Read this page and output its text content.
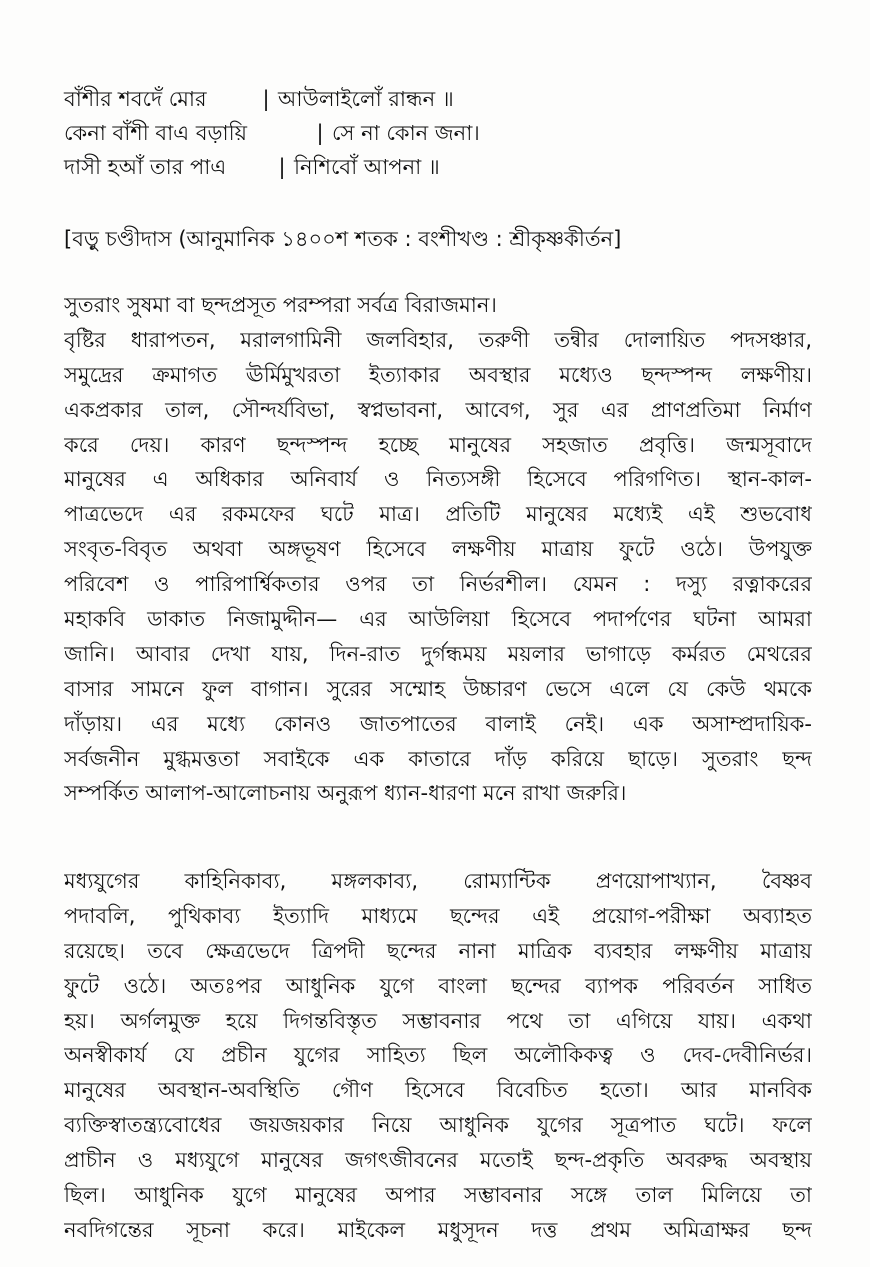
বাঁশীর শবদেঁ মোর	| আউলাইলোঁ রান্ধন ॥
কেনা বাঁশী বাএ বড়ায়ি	| সে না কোন জনা।
দাসী হআঁ তার পাএ	| নিশিবোঁ আপনা ॥
[বড়ু চণ্ডীদাস (আনুমানিক ১৪০০শ শতক : বংশীখণ্ড : শ্রীকৃষ্ণকীর্তন]
সুতরাং সুষমা বা ছন্দপ্রসূত পরম্পরা সর্বত্র বিরাজমান।
বৃষ্টির ধারাপতন, মরালগামিনী জলবিহার, তরুণী তন্বীর দোলায়িত পদসঞ্চার,
সমুদ্রের ক্রমাগত ঊর্মিমুখরতা ইত্যাকার অবস্থার মধ্যেও ছন্দস্পন্দ লক্ষণীয়।
একপ্রকার তাল, সৌন্দর্যবিভা, স্বপ্নভাবনা, আবেগ, সুর এর প্রাণপ্রতিমা নির্মাণ
করে দেয়। কারণ ছন্দস্পন্দ হচ্ছে মানুষের সহজাত প্রবৃত্তি। জন্মসূবাদে
মানুষের এ অধিকার অনিবার্য ও নিত্যসঙ্গী হিসেবে পরিগণিত। স্থান-কাল-
পাত্রভেদে এর রকমফের ঘটে মাত্র। প্রতিটি মানুষের মধ্যেই এই শুভবোধ
সংবৃত-বিবৃত অথবা অঙ্গভূষণ হিসেবে লক্ষণীয় মাত্রায় ফুটে ওঠে। উপযুক্ত
পরিবেশ ও পারিপার্শ্বিকতার ওপর তা নির্ভরশীল। যেমন : দস্যু রত্নাকরের
মহাকবি ডাকাত নিজামুদ্দীন— এর আউলিয়া হিসেবে পদার্পণের ঘটনা আমরা
জানি। আবার দেখা যায়, দিন-রাত দুর্গন্ধময় ময়লার ভাগাড়ে কর্মরত মেথরের
বাসার সামনে ফুল বাগান। সুরের সম্মোহ উচ্চারণ ভেসে এলে যে কেউ থমকে
দাঁড়ায়। এর মধ্যে কোনও জাতপাতের বালাই নেই। এক অসাম্প্রদায়িক-
সর্বজনীন মুগ্ধমত্ততা সবাইকে এক কাতারে দাঁড় করিয়ে ছাড়ে। সুতরাং ছন্দ
সম্পর্কিত আলাপ-আলোচনায় অনুরূপ ধ্যান-ধারণা মনে রাখা জরুরি।
মধ্যযুগের কাহিনিকাব্য, মঙ্গলকাব্য, রোম্যান্টিক প্রণয়োপাখ্যান, বৈষ্ণব
পদাবলি, পুথিকাব্য ইত্যাদি মাধ্যমে ছন্দের এই প্রয়োগ-পরীক্ষা অব্যাহত
রয়েছে। তবে ক্ষেত্রভেদে ত্রিপদী ছন্দের নানা মাত্রিক ব্যবহার লক্ষণীয় মাত্রায়
ফুটে ওঠে। অতঃপর আধুনিক যুগে বাংলা ছন্দের ব্যাপক পরিবর্তন সাধিত
হয়। অর্গলমুক্ত হয়ে দিগন্তবিস্তৃত সম্ভাবনার পথে তা এগিয়ে যায়। একথা
অনস্বীকার্য যে প্রচীন যুগের সাহিত্য ছিল অলৌকিকত্ব ও দেব-দেবীনির্ভর।
মানুষের অবস্থান-অবস্থিতি গৌণ হিসেবে বিবেচিত হতো। আর মানবিক
ব্যক্তিস্বাতন্ত্র্যবোধের জয়জয়কার নিয়ে আধুনিক যুগের সূত্রপাত ঘটে। ফলে
প্রাচীন ও মধ্যযুগে মানুষের জগৎজীবনের মতোই ছন্দ-প্রকৃতি অবরুদ্ধ অবস্থায়
ছিল। আধুনিক যুগে মানুষের অপার সম্ভাবনার সঙ্গে তাল মিলিয়ে তা
নবদিগন্তের সূচনা করে। মাইকেল মধুসূদন দত্ত প্রথম অমিত্রাক্ষর ছন্দ
